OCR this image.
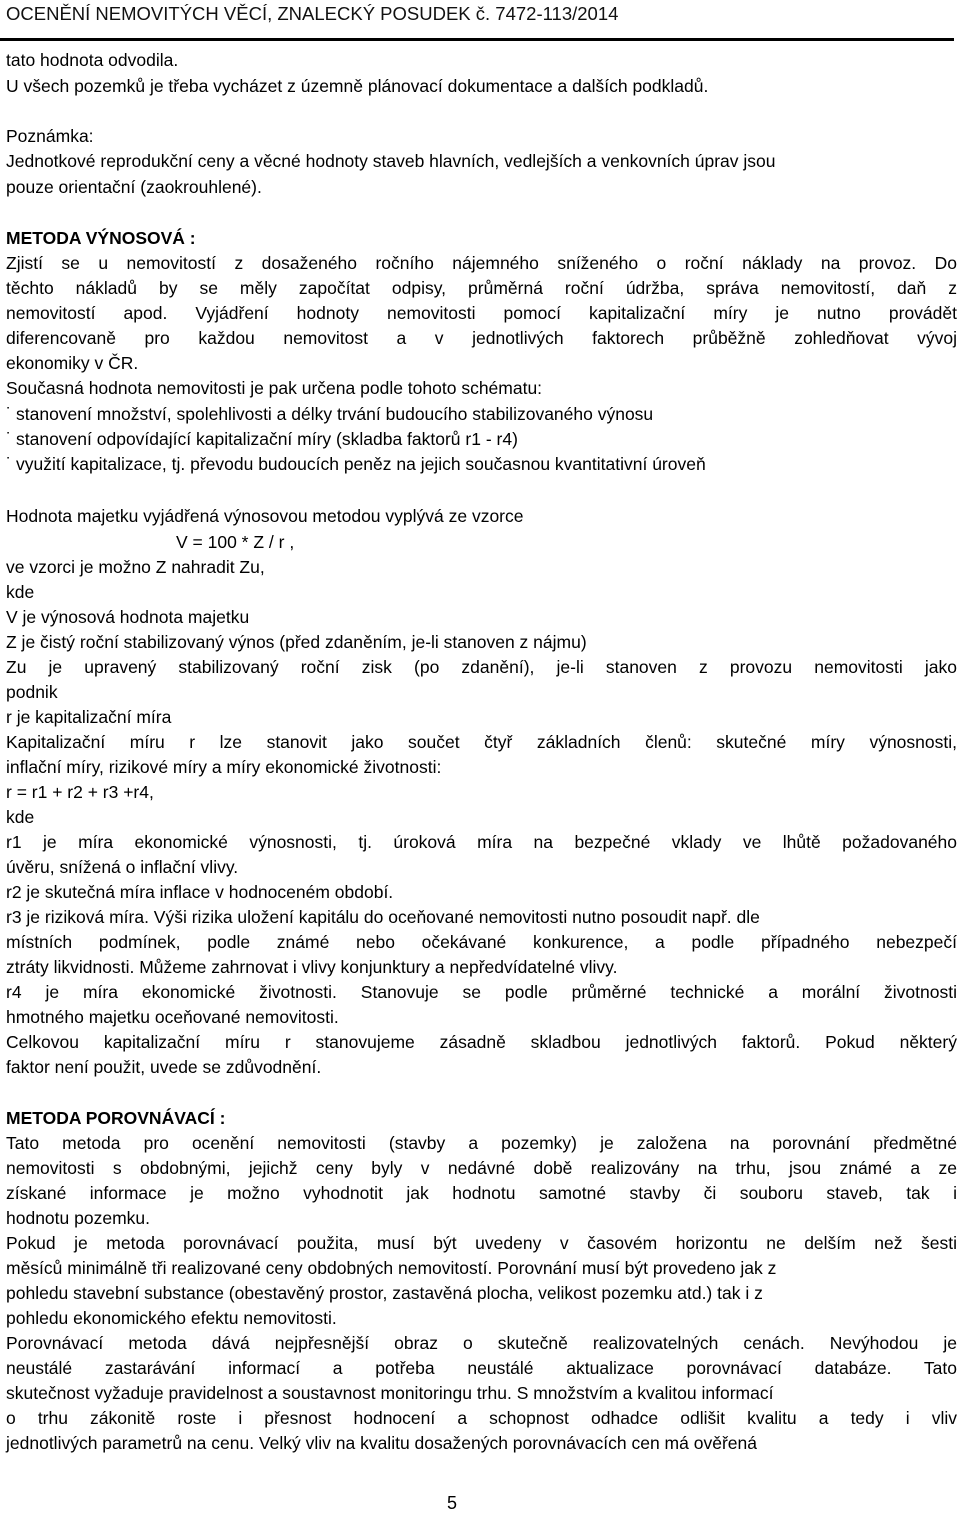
OCENĚNÍ NEMOVITÝCH VĚCÍ, ZNALECKÝ POSUDEK č. 7472-113/2014
tato hodnota odvodila.
U všech pozemků je třeba vycházet z územně plánovací dokumentace a dalších podkladů.
Poznámka:
Jednotkové reprodukční ceny a věcné hodnoty staveb hlavních, vedlejších a venkovních úprav jsou
pouze orientační (zaokrouhlené).
METODA VÝNOSOVÁ :
Zjistí se u nemovitostí z dosaženého ročního nájemného sníženého o roční náklady na provoz. Do
těchto nákladů by se měly započítat odpisy, průměrná roční údržba, správa nemovitostí, daň z
nemovitostí apod. Vyjádření hodnoty nemovitosti pomocí kapitalizační míry je nutno provádět
diferencovaně pro každou nemovitost a v jednotlivých faktorech průběžně zohledňovat vývoj
ekonomiky v ČR.
Současná hodnota nemovitosti je pak určena podle tohoto schématu:
˙ stanovení množství, spolehlivosti a délky trvání budoucího stabilizovaného výnosu
˙ stanovení odpovídající kapitalizační míry (skladba faktorů r1 - r4)
˙ využití kapitalizace, tj. převodu budoucích peněz na jejich současnou kvantitativní úroveň
Hodnota majetku vyjádřená výnosovou metodou vyplývá ze vzorce
V = 100 * Z / r ,
ve vzorci je možno Z nahradit Zu,
kde
V je výnosová hodnota majetku
Z je čistý roční stabilizovaný výnos (před zdaněním, je-li stanoven z nájmu)
Zu je upravený stabilizovaný roční zisk (po zdanění), je-li stanoven z provozu nemovitosti jako
podnik
r je kapitalizační míra
Kapitalizační míru r lze stanovit jako součet čtyř základních členů: skutečné míry výnosnosti,
inflační míry, rizikové míry a míry ekonomické životnosti:
r = r1 + r2 + r3 +r4,
kde
r1 je míra ekonomické výnosnosti, tj. úroková míra na bezpečné vklady ve lhůtě požadovaného
úvěru, snížená o inflační vlivy.
r2 je skutečná míra inflace v hodnoceném období.
r3 je riziková míra. Výši rizika uložení kapitálu do oceňované nemovitosti nutno posoudit např. dle
místních podmínek, podle známé nebo očekávané konkurence, a podle případného nebezpečí
ztráty likvidnosti. Můžeme zahrnovat i vlivy konjunktury a nepředvídatelné vlivy.
r4 je míra ekonomické životnosti. Stanovuje se podle průměrné technické a morální životnosti
hmotného majetku oceňované nemovitosti.
Celkovou kapitalizační míru r stanovujeme zásadně skladbou jednotlivých faktorů. Pokud některý
faktor není použit, uvede se zdůvodnění.
METODA POROVNÁVACÍ :
Tato metoda pro ocenění nemovitosti (stavby a pozemky) je založena na porovnání předmětné
nemovitosti s obdobnými, jejichž ceny byly v nedávné době realizovány na trhu, jsou známé a ze
získané informace je možno vyhodnotit jak hodnotu samotné stavby či souboru staveb, tak i
hodnotu pozemku.
Pokud je metoda porovnávací použita, musí být uvedeny v časovém horizontu ne delším než šesti
měsíců minimálně tři realizované ceny obdobných nemovitostí. Porovnání musí být provedeno jak z
pohledu stavební substance (obestavěný prostor, zastavěná plocha, velikost pozemku atd.) tak i z
pohledu ekonomického efektu nemovitosti.
Porovnávací metoda dává nejpřesnější obraz o skutečně realizovatelných cenách. Nevýhodou je
neustálé zastarávání informací a potřeba neustálé aktualizace porovnávací databáze. Tato
skutečnost vyžaduje pravidelnost a soustavnost monitoringu trhu. S množstvím a kvalitou informací
o trhu zákonitě roste i přesnost hodnocení a schopnost odhadce odlišit kvalitu a tedy i vliv
jednotlivých parametrů na cenu. Velký vliv na kvalitu dosažených porovnávacích cen má ověřená
5
